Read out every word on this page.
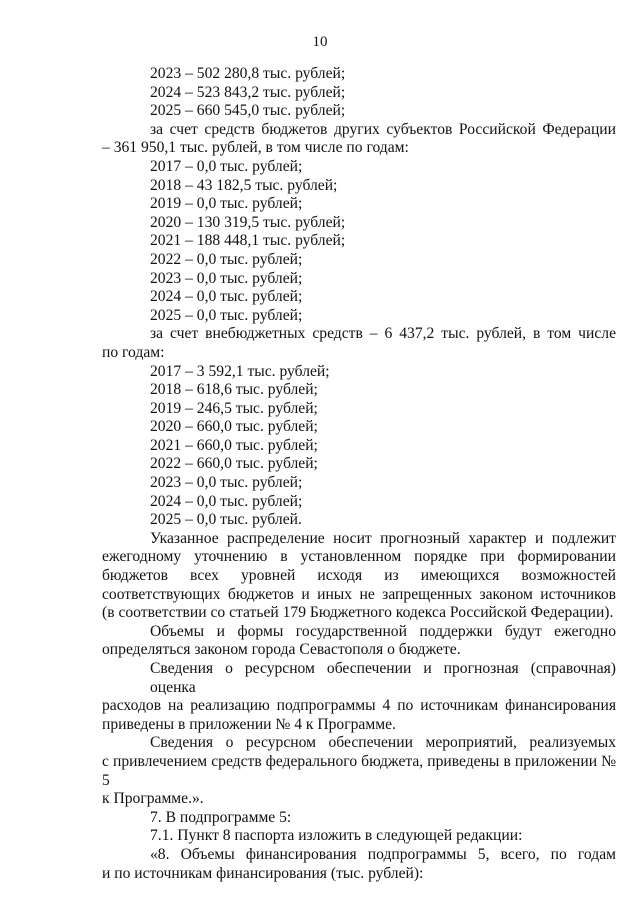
10
2023 – 502 280,8 тыс. рублей;
2024 – 523 843,2 тыс. рублей;
2025 – 660 545,0 тыс. рублей;
за счет средств бюджетов других субъектов Российской Федерации
– 361 950,1 тыс. рублей, в том числе по годам:
2017 – 0,0 тыс. рублей;
2018 – 43 182,5 тыс. рублей;
2019 – 0,0 тыс. рублей;
2020 – 130 319,5 тыс. рублей;
2021 – 188 448,1 тыс. рублей;
2022 – 0,0 тыс. рублей;
2023 – 0,0 тыс. рублей;
2024 – 0,0 тыс. рублей;
2025 – 0,0 тыс. рублей;
за счет внебюджетных средств – 6 437,2 тыс. рублей, в том числе
по годам:
2017 – 3 592,1 тыс. рублей;
2018 – 618,6 тыс. рублей;
2019 – 246,5 тыс. рублей;
2020 – 660,0 тыс. рублей;
2021 – 660,0 тыс. рублей;
2022 – 660,0 тыс. рублей;
2023 – 0,0 тыс. рублей;
2024 – 0,0 тыс. рублей;
2025 – 0,0 тыс. рублей.
Указанное распределение носит прогнозный характер и подлежит
ежегодному уточнению в установленном порядке при формировании
бюджетов всех уровней исходя из имеющихся возможностей
соответствующих бюджетов и иных не запрещенных законом источников
(в соответствии со статьей 179 Бюджетного кодекса Российской Федерации).
Объемы и формы государственной поддержки будут ежегодно
определяться законом города Севастополя о бюджете.
Сведения о ресурсном обеспечении и прогнозная (справочная) оценка
расходов на реализацию подпрограммы 4 по источникам финансирования
приведены в приложении № 4 к Программе.
Сведения о ресурсном обеспечении мероприятий, реализуемых
с привлечением средств федерального бюджета, приведены в приложении № 5
к Программе.».
7. В подпрограмме 5:
7.1. Пункт 8 паспорта изложить в следующей редакции:
«8. Объемы финансирования подпрограммы 5, всего, по годам
и по источникам финансирования (тыс. рублей):
